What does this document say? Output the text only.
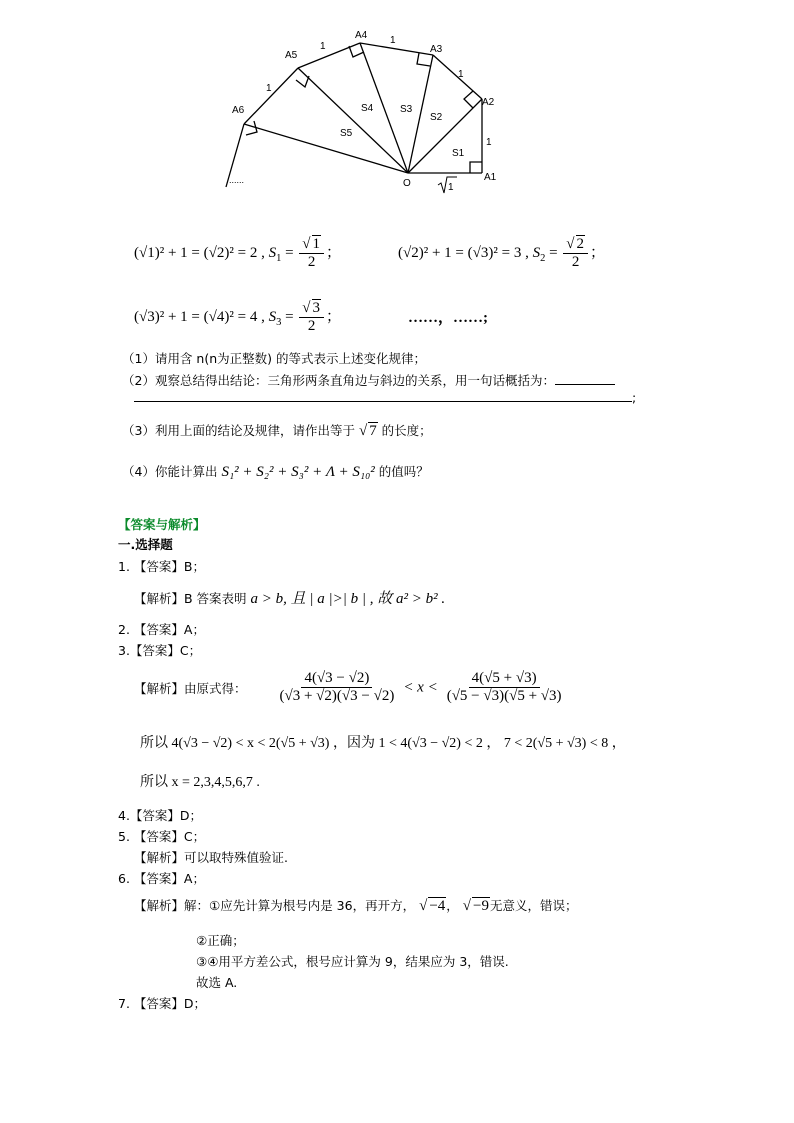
A1
A2
A3
A4
A5
A6
O
1
1
1
1
1
S1
S2
S3
S4
S5
......
1
(√1)² + 1 = (√2)² = 2 , $S_1 = \frac{√ 1}{2}$ ；	(√2)² + 1 = (√3)² = 3 , $S_2 = \frac{√ 2}{2}$ ；
(√3)² + 1 = (√4)² = 4 , $S_3 = \frac{√ 3}{2}$ ；	……，……;
（1）请用含 n(n为正整数) 的等式表示上述变化规律；
（2）观察总结得出结论：三角形两条直角边与斜边的关系，用一句话概括为：
;
（3）利用上面的结论及规律，请作出等于 √ 7 的长度；
（4）你能计算出 S₁² + S₂² + S₃² + Λ + S₁₀² 的值吗？
【答案与解析】
一.选择题
1. 【答案】B；
【解析】B 答案表明 a > b, 且 | a |>| b | , 故 a² > b² .
2. 【答案】A；
3.【答案】C；
【解析】由原式得： $\frac{4(√3 - √2)}{(√3 + √2)(√3 - √2)} < x < \frac{4(√5 + √3)}{(√5 - √3)(√5 + √3)}$
所以 4(√3 − √2) < x < 2(√5 + √3) ，因为 1 < 4(√3 − √2) < 2 ， 7 < 2(√5 + √3) < 8 ，
所以 x = 2,3,4,5,6,7 .
4.【答案】D；
5. 【答案】C；
【解析】可以取特殊值验证.
6. 【答案】A；
【解析】解：①应先计算为根号内是 36，再开方， √ −4， √ −9无意义，错误；
②正确；
③④用平方差公式，根号应计算为 9，结果应为 3，错误.
故选 A.
7. 【答案】D；
